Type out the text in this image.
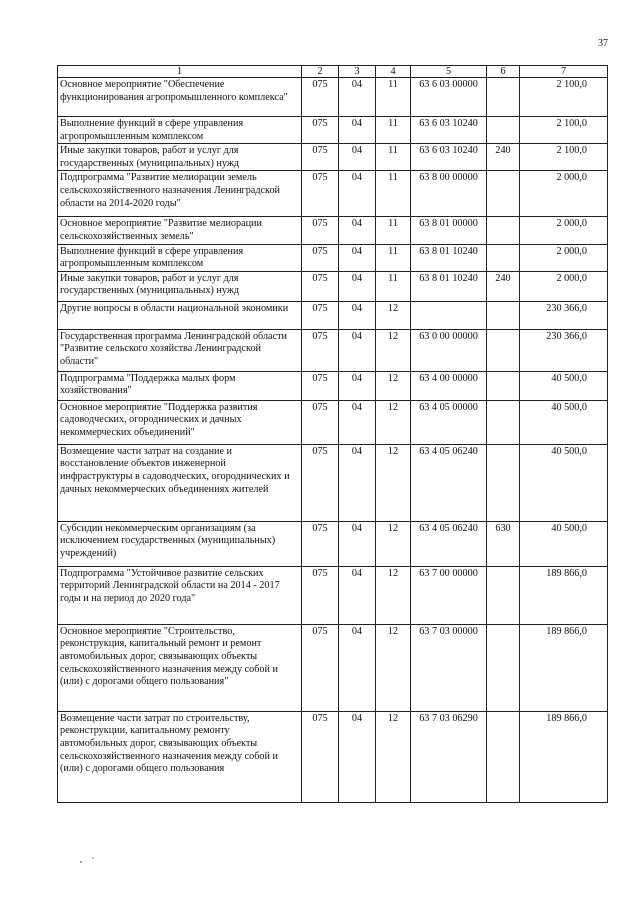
37
1	2	3	4	5	6	7
Основное мероприятие "Обеспечение функционирования агропромышленного комплекса"	075	04	11	63 6 03 00000		2 100,0
Выполнение функций в сфере управления агропромышленным комплексом	075	04	11	63 6 03 10240		2 100,0
Иные закупки товаров, работ и услуг для государственных (муниципальных) нужд	075	04	11	63 6 03 10240	240	2 100,0
Подпрограмма "Развитие мелиорации земель сельскохозяйственного назначения Ленинградской области на 2014-2020 годы"	075	04	11	63 8 00 00000		2 000,0
Основное мероприятие "Развитие мелиорации сельскохозяйственных земель"	075	04	11	63 8 01 00000		2 000,0
Выполнение функций в сфере управления агропромышленным комплексом	075	04	11	63 8 01 10240		2 000,0
Иные закупки товаров, работ и услуг для государственных (муниципальных) нужд	075	04	11	63 8 01 10240	240	2 000,0
Другие вопросы в области национальной экономики	075	04	12			230 366,0
Государственная программа Ленинградской области "Развитие сельского хозяйства Ленинградской области"	075	04	12	63 0 00 00000		230 366,0
Подпрограмма "Поддержка малых форм хозяйствования"	075	04	12	63 4 00 00000		40 500,0
Основное мероприятие "Поддержка развития садоводческих, огороднических и дачных некоммерческих объединений"	075	04	12	63 4 05 00000		40 500,0
Возмещение части затрат на создание и восстановление объектов инженерной инфраструктуры в садоводческих, огороднических и дачных некоммерческих объединениях жителей	075	04	12	63 4 05 06240		40 500,0
Субсидии некоммерческим организациям (за исключением государственных (муниципальных) учреждений)	075	04	12	63 4 05 06240	630	40 500,0
Подпрограмма "Устойчивое развитие сельских территорий Ленинградской области на 2014 - 2017 годы и на период до 2020 года"	075	04	12	63 7 00 00000		189 866,0
Основное мероприятие "Строительство, реконструкция, капитальный ремонт и ремонт автомобильных дорог, связывающих объекты сельскохозяйственного назначения между собой и (или) с дорогами общего пользования"	075	04	12	63 7 03 00000		189 866,0
Возмещение части затрат по строительству, реконструкции, капитальному ремонту автомобильных дорог, связывающих объекты сельскохозяйственного назначения между собой и (или) с дорогами общего пользования	075	04	12	63 7 03 06290		189 866,0
